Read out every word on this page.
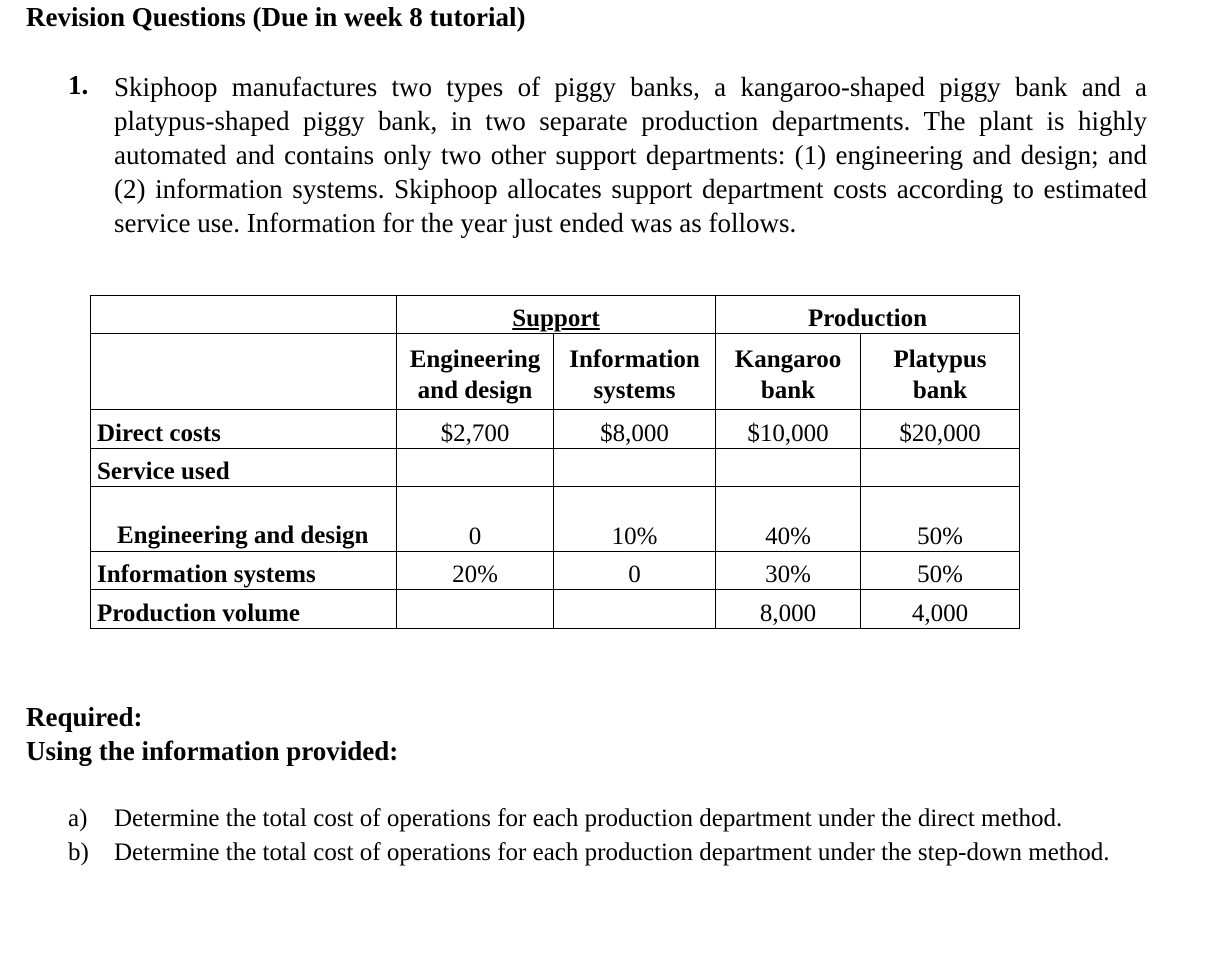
Revision Questions (Due in week 8 tutorial)
1. Skiphoop manufactures two types of piggy banks, a kangaroo-shaped piggy bank and a platypus-shaped piggy bank, in two separate production departments. The plant is highly automated and contains only two other support departments: (1) engineering and design; and (2) information systems. Skiphoop allocates support department costs according to estimated service use. Information for the year just ended was as follows.
	Support		Production	
	Engineering and design	Information systems	Kangaroo bank	Platypus bank
Direct costs	$2,700	$8,000	$10,000	$20,000
Service used				
Engineering and design	0	10%	40%	50%
Information systems	20%	0	30%	50%
Production volume			8,000	4,000
Required:
Using the information provided:
a) Determine the total cost of operations for each production department under the direct method.
b) Determine the total cost of operations for each production department under the step-down method.
